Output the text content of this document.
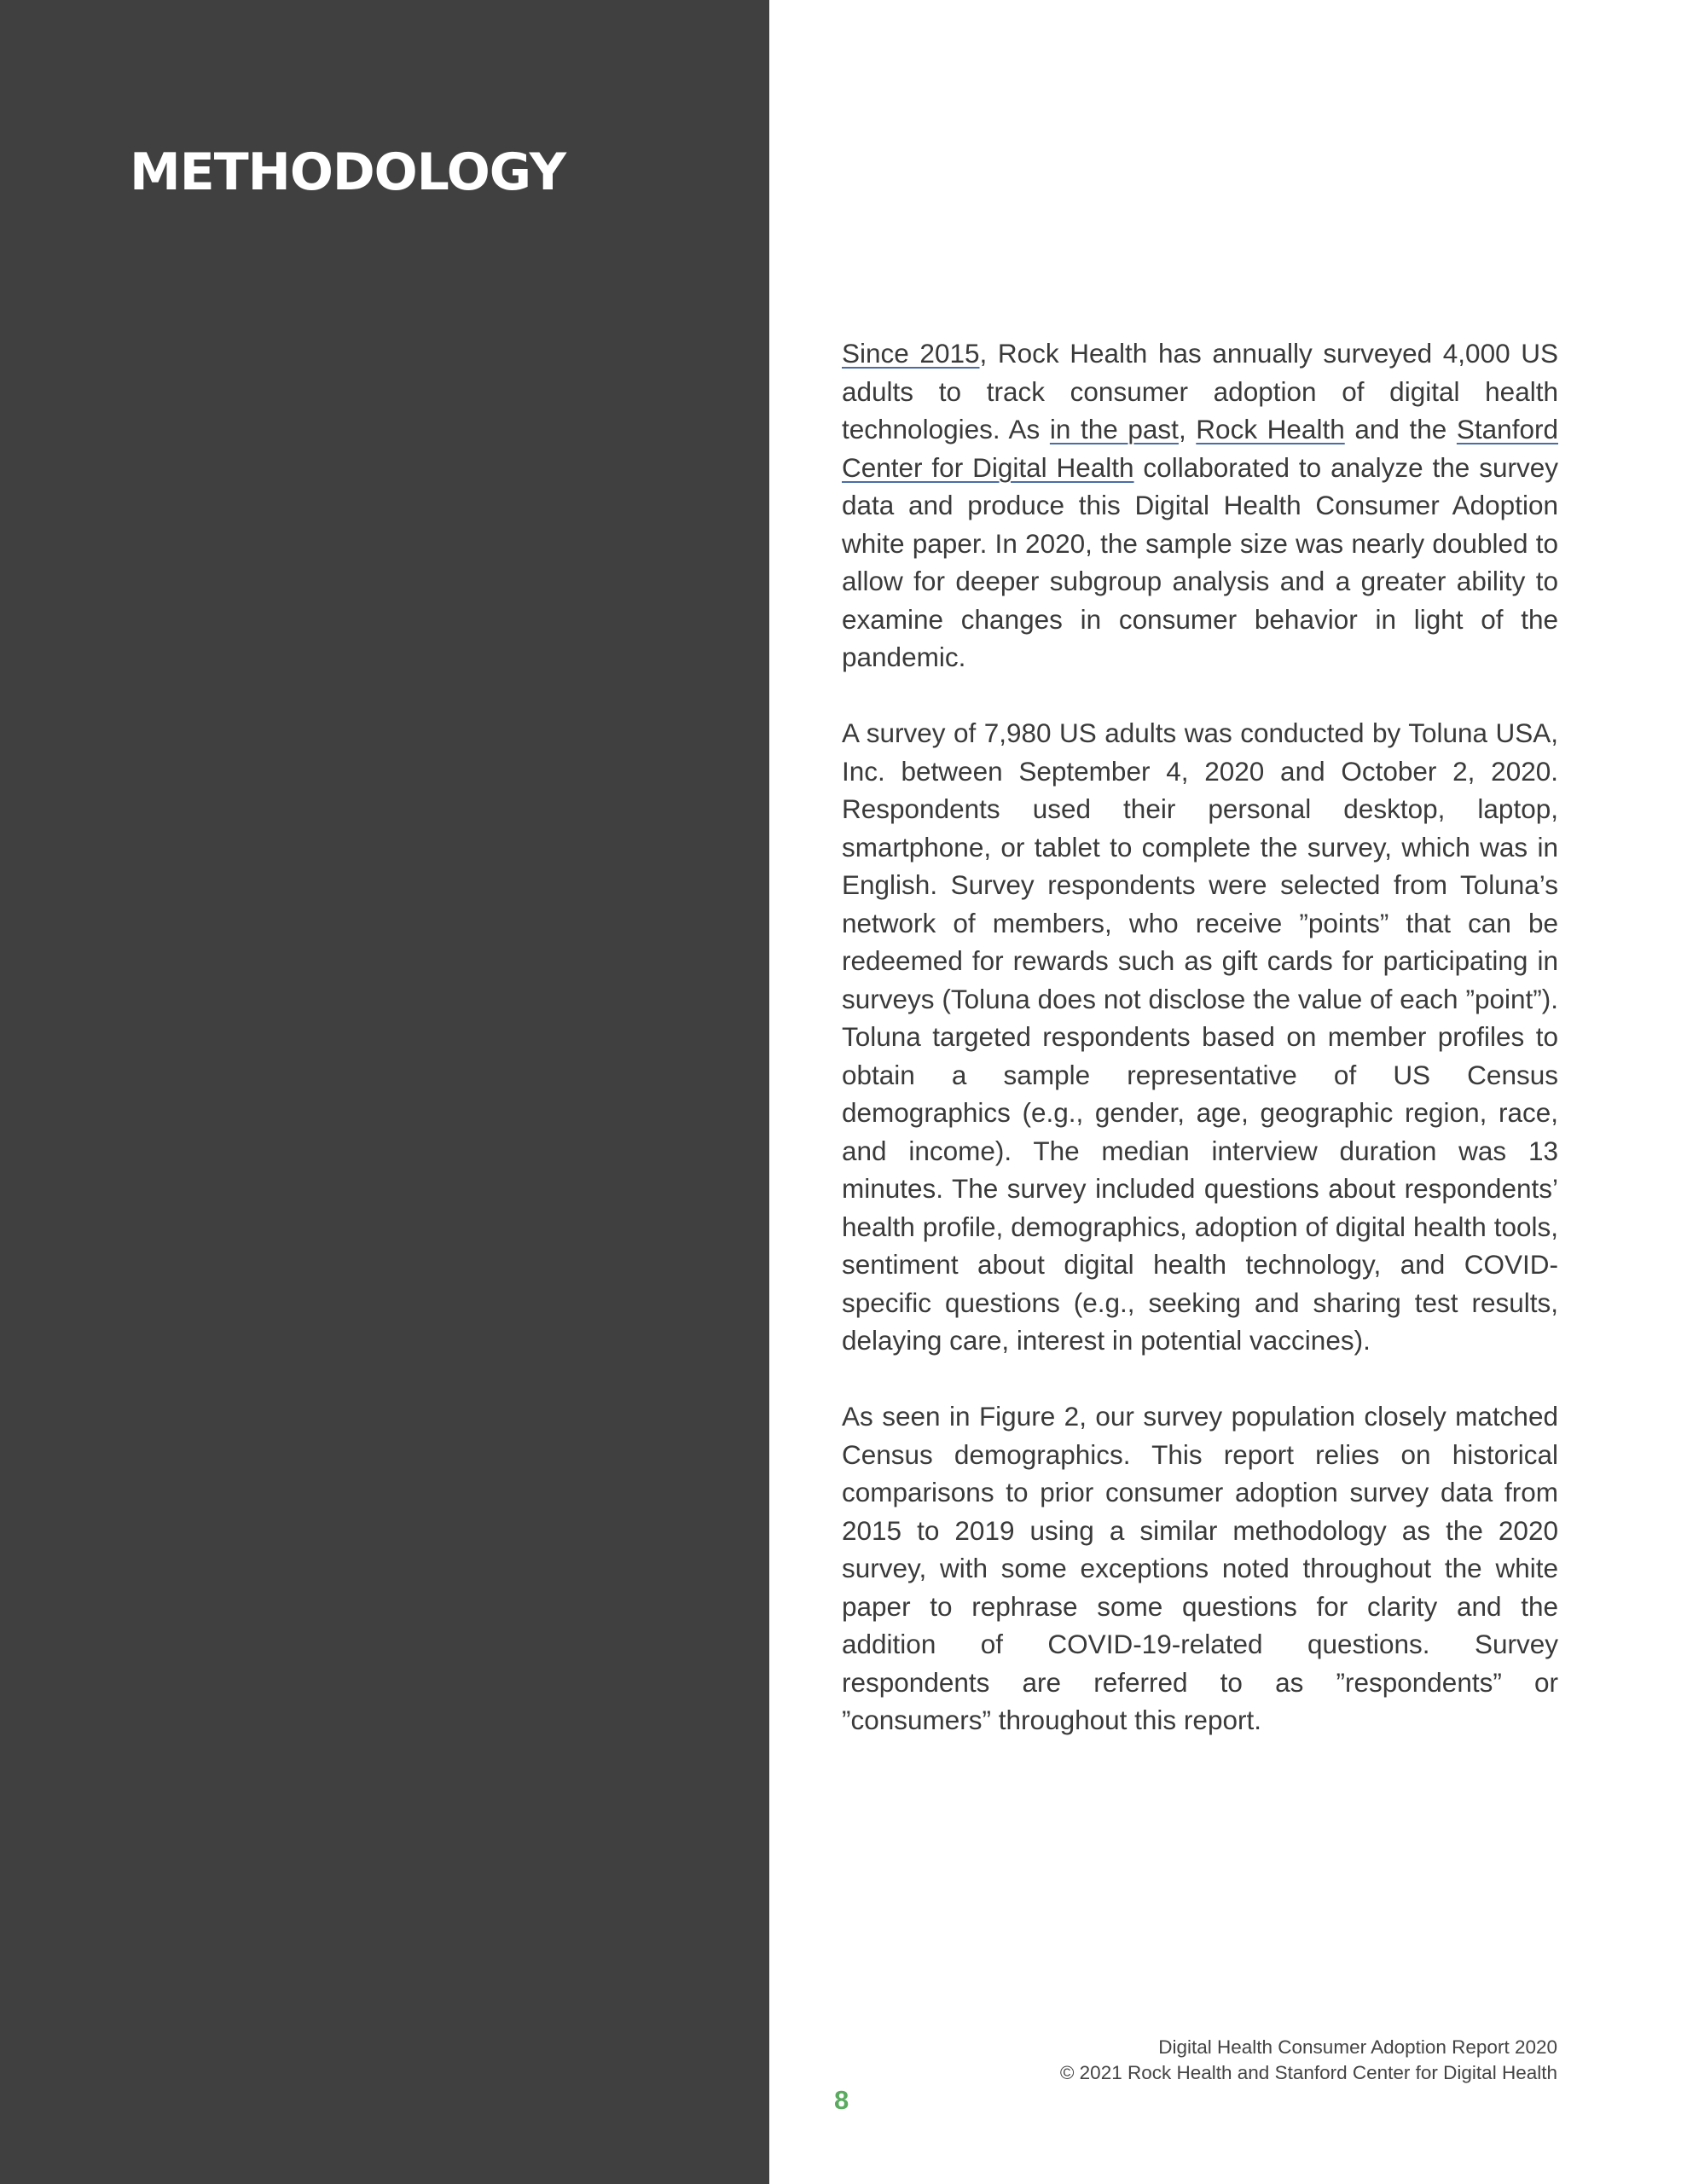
METHODOLOGY

Since 2015, Rock Health has annually surveyed 4,000 US adults to track consumer adoption of digital health technologies. As in the past, Rock Health and the Stanford Center for Digital Health collaborated to analyze the survey data and produce this Digital Health Consumer Adoption white paper. In 2020, the sample size was nearly doubled to allow for deeper subgroup analysis and a greater ability to examine changes in consumer behavior in light of the pandemic.

A survey of 7,980 US adults was conducted by Toluna USA, Inc. between September 4, 2020 and October 2, 2020. Respondents used their personal desktop, laptop, smartphone, or tablet to complete the survey, which was in English. Survey respondents were selected from Toluna’s network of members, who receive ”points” that can be redeemed for rewards such as gift cards for participating in surveys (Toluna does not disclose the value of each ”point”). Toluna targeted respondents based on member profiles to obtain a sample representative of US Census demographics (e.g., gender, age, geographic region, race, and income). The median interview duration was 13 minutes. The survey included questions about respondents’ health profile, demographics, adoption of digital health tools, sentiment about digital health technology, and COVID-specific questions (e.g., seeking and sharing test results, delaying care, interest in potential vaccines).

As seen in Figure 2, our survey population closely matched Census demographics. This report relies on historical comparisons to prior consumer adoption survey data from 2015 to 2019 using a similar methodology as the 2020 survey, with some exceptions noted throughout the white paper to rephrase some questions for clarity and the addition of COVID-19-related questions. Survey respondents are referred to as ”respondents” or ”consumers” throughout this report.

Digital Health Consumer Adoption Report 2020
© 2021 Rock Health and Stanford Center for Digital Health
8
